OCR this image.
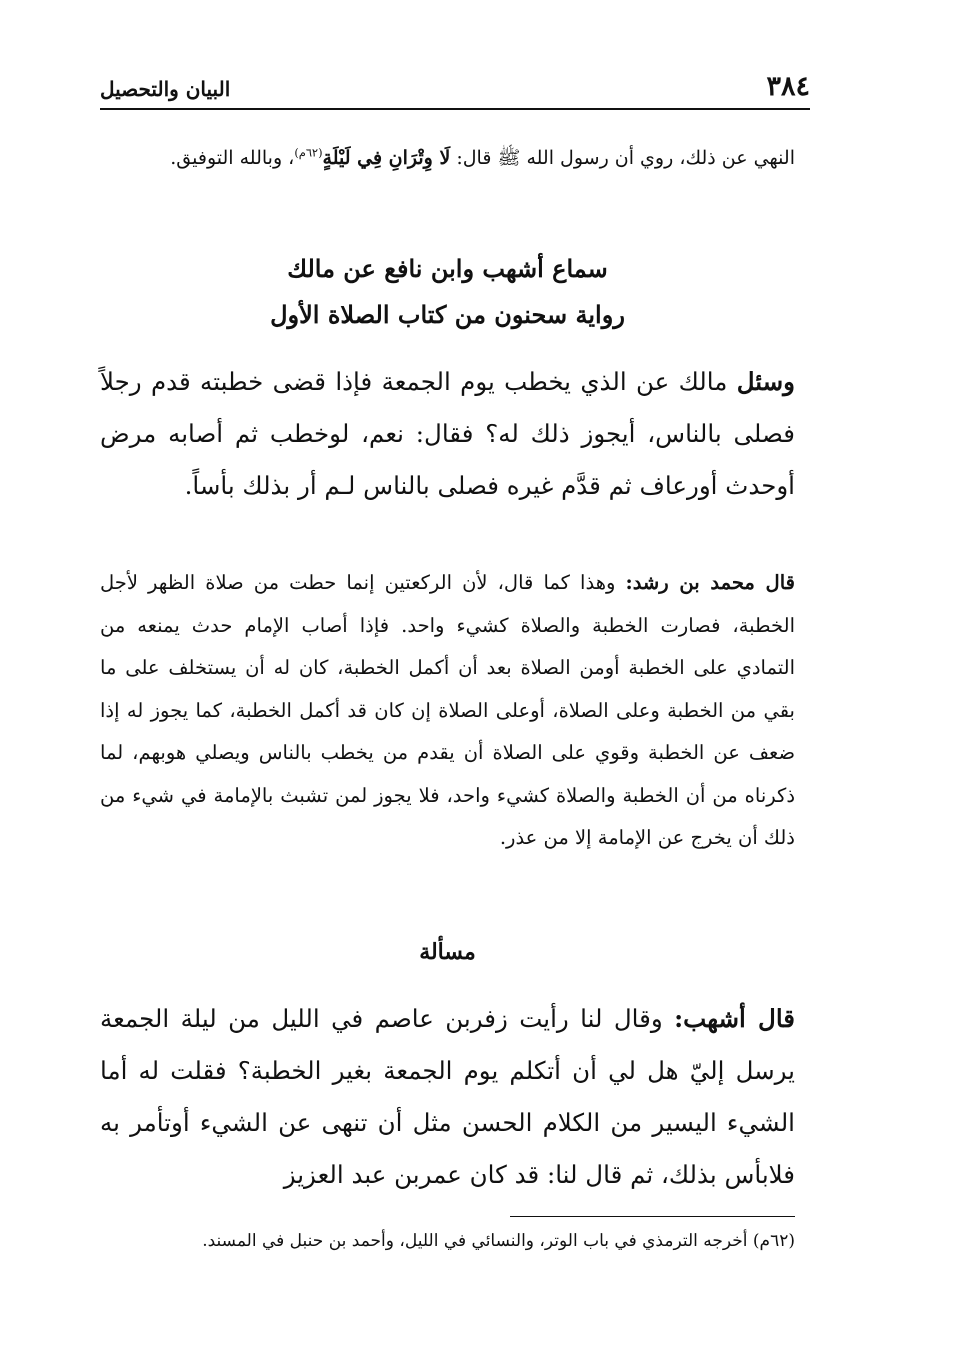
٣٨٤
البيان والتحصيل
النهي عن ذلك، روي أن رسول الله ﷺ قال: لَا وِتْرَانِ فِي لَيْلَةٍ$^{(٦٢م)}$، وبالله التوفيق.
سماع أشهب وابن نافع عن مالك
رواية سحنون من كتاب الصلاة الأول
وسئل مالك عن الذي يخطب يوم الجمعة فإذا قضى خطبته قدم رجلاً فصلى بالناس، أيجوز ذلك له؟ فقال: نعم، لوخطب ثم أصابه مرض أوحدث أورعاف ثم قدَّم غيره فصلى بالناس لـم أر بذلك بأساً.
قال محمد بن رشد: وهذا كما قال، لأن الركعتين إنما حطت من صلاة الظهر لأجل الخطبة، فصارت الخطبة والصلاة كشيء واحد. فإذا أصاب الإمام حدث يمنعه من التمادي على الخطبة أومن الصلاة بعد أن أكمل الخطبة، كان له أن يستخلف على ما بقي من الخطبة وعلى الصلاة، أوعلى الصلاة إن كان قد أكمل الخطبة، كما يجوز له إذا ضعف عن الخطبة وقوي على الصلاة أن يقدم من يخطب بالناس ويصلي هوبهم، لما ذكرناه من أن الخطبة والصلاة كشيء واحد، فلا يجوز لمن تشبث بالإمامة في شيء من ذلك أن يخرج عن الإمامة إلا من عذر.
مسألة
قال أشهب: وقال لنا رأيت زفربن عاصم في الليل من ليلة الجمعة يرسل إليّ هل لي أن أتكلم يوم الجمعة بغير الخطبة؟ فقلت له أما الشيء اليسير من الكلام الحسن مثل أن تنهى عن الشيء أوتأمر به فلابأس بذلك، ثم قال لنا: قد كان عمربن عبد العزيز
(٦٢م) أخرجه الترمذي في باب الوتر، والنسائي في الليل، وأحمد بن حنبل في المسند.
